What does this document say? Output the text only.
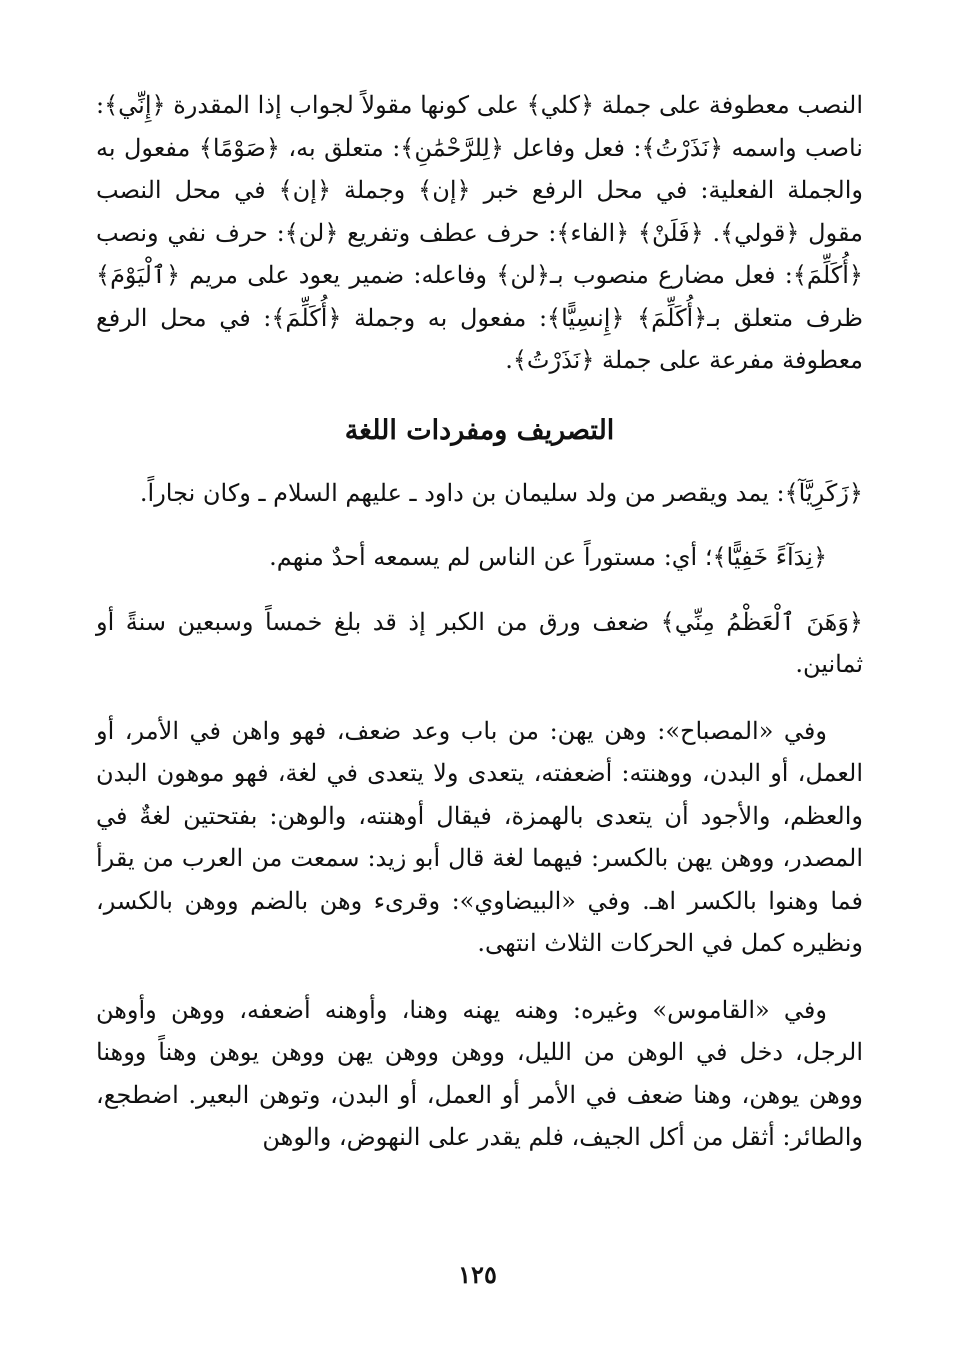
النصب معطوفة على جملة ﴿كلي﴾ على كونها مقولاً لجواب إذا المقدرة ﴿إِنِّي﴾: ناصب واسمه ﴿نَذَرْتُ﴾: فعل وفاعل ﴿لِلرَّحْمَٰنِ﴾: متعلق به، ﴿صَوْمًا﴾ مفعول به والجملة الفعلية: في محل الرفع خبر ﴿إن﴾ وجملة ﴿إن﴾ في محل النصب مقول ﴿قولي﴾. ﴿فَلَنْ﴾ ﴿الفاء﴾: حرف عطف وتفريع ﴿لن﴾: حرف نفي ونصب ﴿أُكَلِّمَ﴾: فعل مضارع منصوب بـ﴿لن﴾ وفاعله: ضمير يعود على مريم ﴿ٱلْيَوْمَ﴾ ظرف متعلق بـ﴿أُكَلِّمَ﴾ ﴿إِنسِيًّا﴾: مفعول به وجملة ﴿أُكَلِّمَ﴾: في محل الرفع معطوفة مفرعة على جملة ﴿نَذَرْتُ﴾.

التصريف ومفردات اللغة

﴿زَكَرِيَّآ﴾: يمد ويقصر من ولد سليمان بن داود ـ عليهم السلام ـ وكان نجاراً.

﴿نِدَآءً خَفِيًّا﴾؛ أي: مستوراً عن الناس لم يسمعه أحدٌ منهم.

﴿وَهَنَ ٱلْعَظْمُ مِنِّي﴾ ضعف ورق من الكبر إذ قد بلغ خمساً وسبعين سنةً أو ثمانين.

وفي «المصباح»: وهن يهن: من باب وعد ضعف، فهو واهن في الأمر، أو العمل، أو البدن، ووهنته: أضعفته، يتعدى ولا يتعدى في لغة، فهو موهون البدن والعظم، والأجود أن يتعدى بالهمزة، فيقال أوهنته، والوهن: بفتحتين لغةٌ في المصدر، ووهن يهن بالكسر: فيهما لغة قال أبو زيد: سمعت من العرب من يقرأ فما وهنوا بالكسر اهـ. وفي «البيضاوي»: وقرىء وهن بالضم ووهن بالكسر، ونظيره كمل في الحركات الثلاث انتهى.

وفي «القاموس» وغيره: وهنه يهنه وهنا، وأوهنه أضعفه، ووهن وأوهن الرجل، دخل في الوهن من الليل، ووهن ووهن يهن ووهن يوهن وهناً ووهنا ووهن يوهن، وهنا ضعف في الأمر أو العمل، أو البدن، وتوهن البعير. اضطجع، والطائر: أثقل من أكل الجيف، فلم يقدر على النهوض، والوهن

١٢٥
